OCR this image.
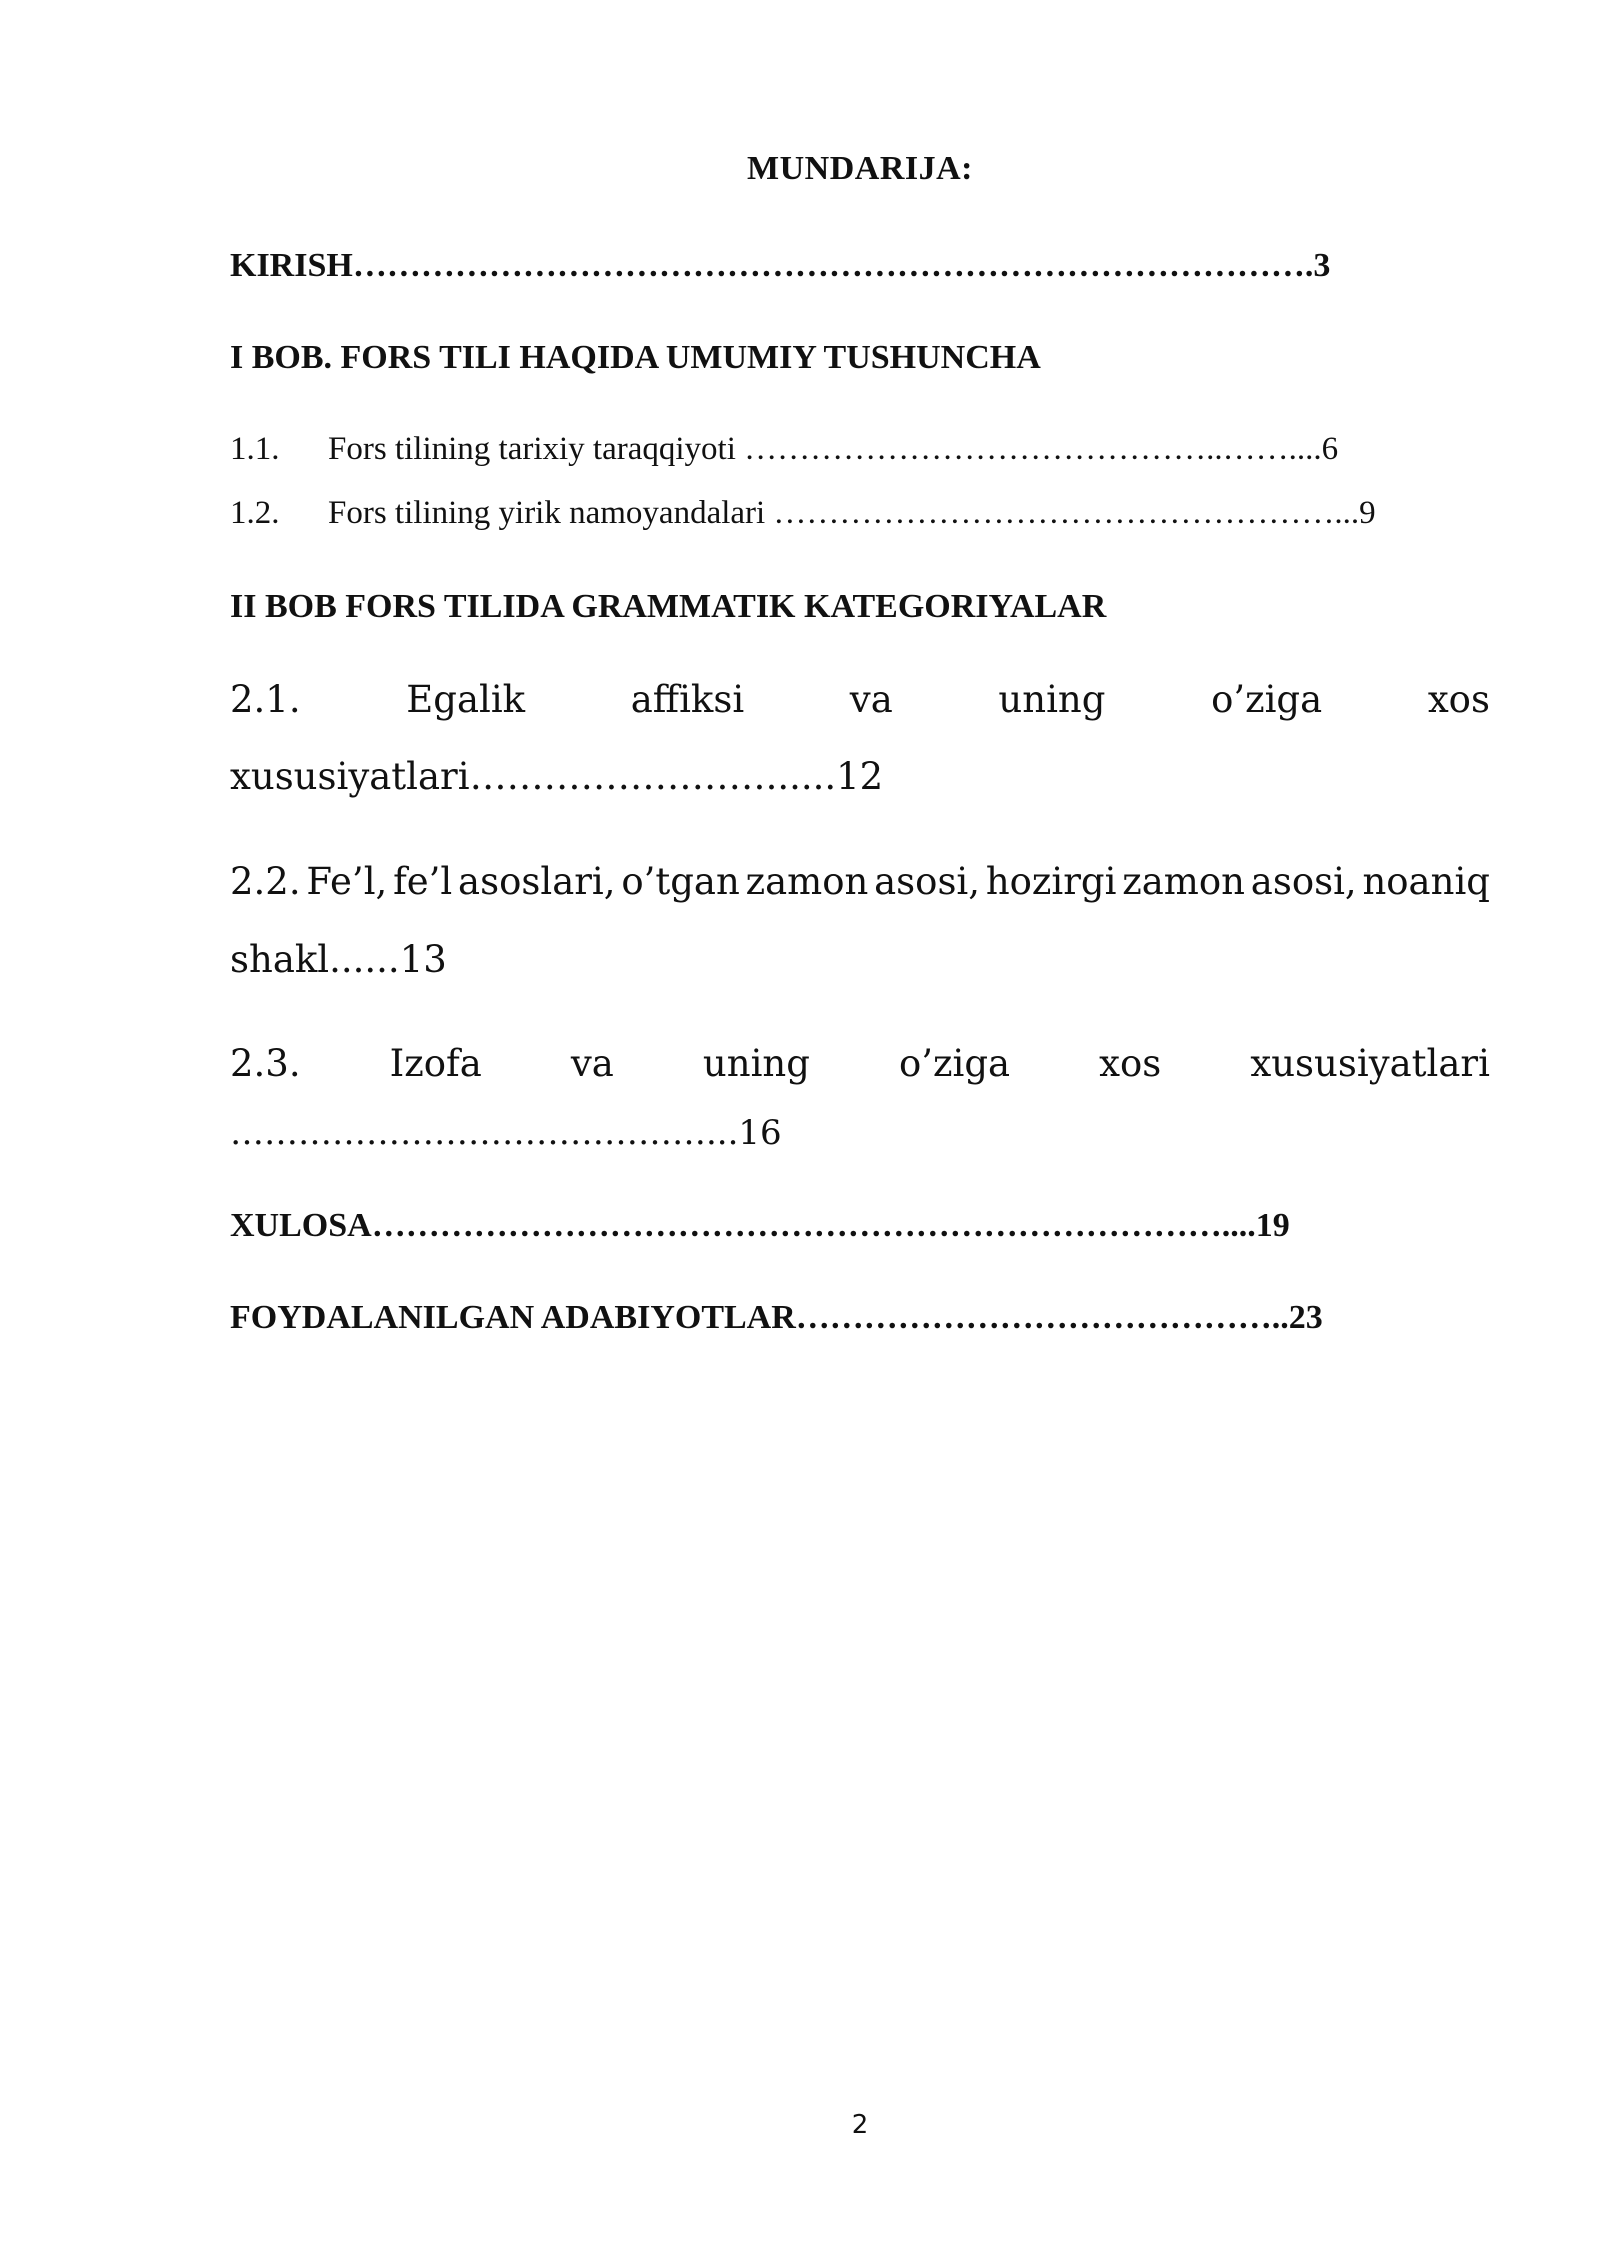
MUNDARIJA:
KIRISH………………………………………………………………………….3
I BOB. FORS TILI HAQIDA UMUMIY TUSHUNCHA
1.1. Fors tilining tarixiy taraqqiyoti ……………………………………..……....6
1.2. Fors tilining yirik namoyandalari ……………………………………………...9
II BOB FORS TILIDA GRAMMATIK KATEGORIYALAR
2.1.	Egalik	affiksi	va	uning	o’ziga	xos
xususiyatlari……………………......12
2.2. Fe’l, fe’l asoslari, o’tgan zamon asosi, hozirgi zamon asosi, noaniq
shakl......13
2.3. Izofa va uning o’ziga xos xususiyatlari
……………………………………...16
XULOSA…………………………………………………………………....19
FOYDALANILGAN ADABIYOTLAR……………………………………..23
2
